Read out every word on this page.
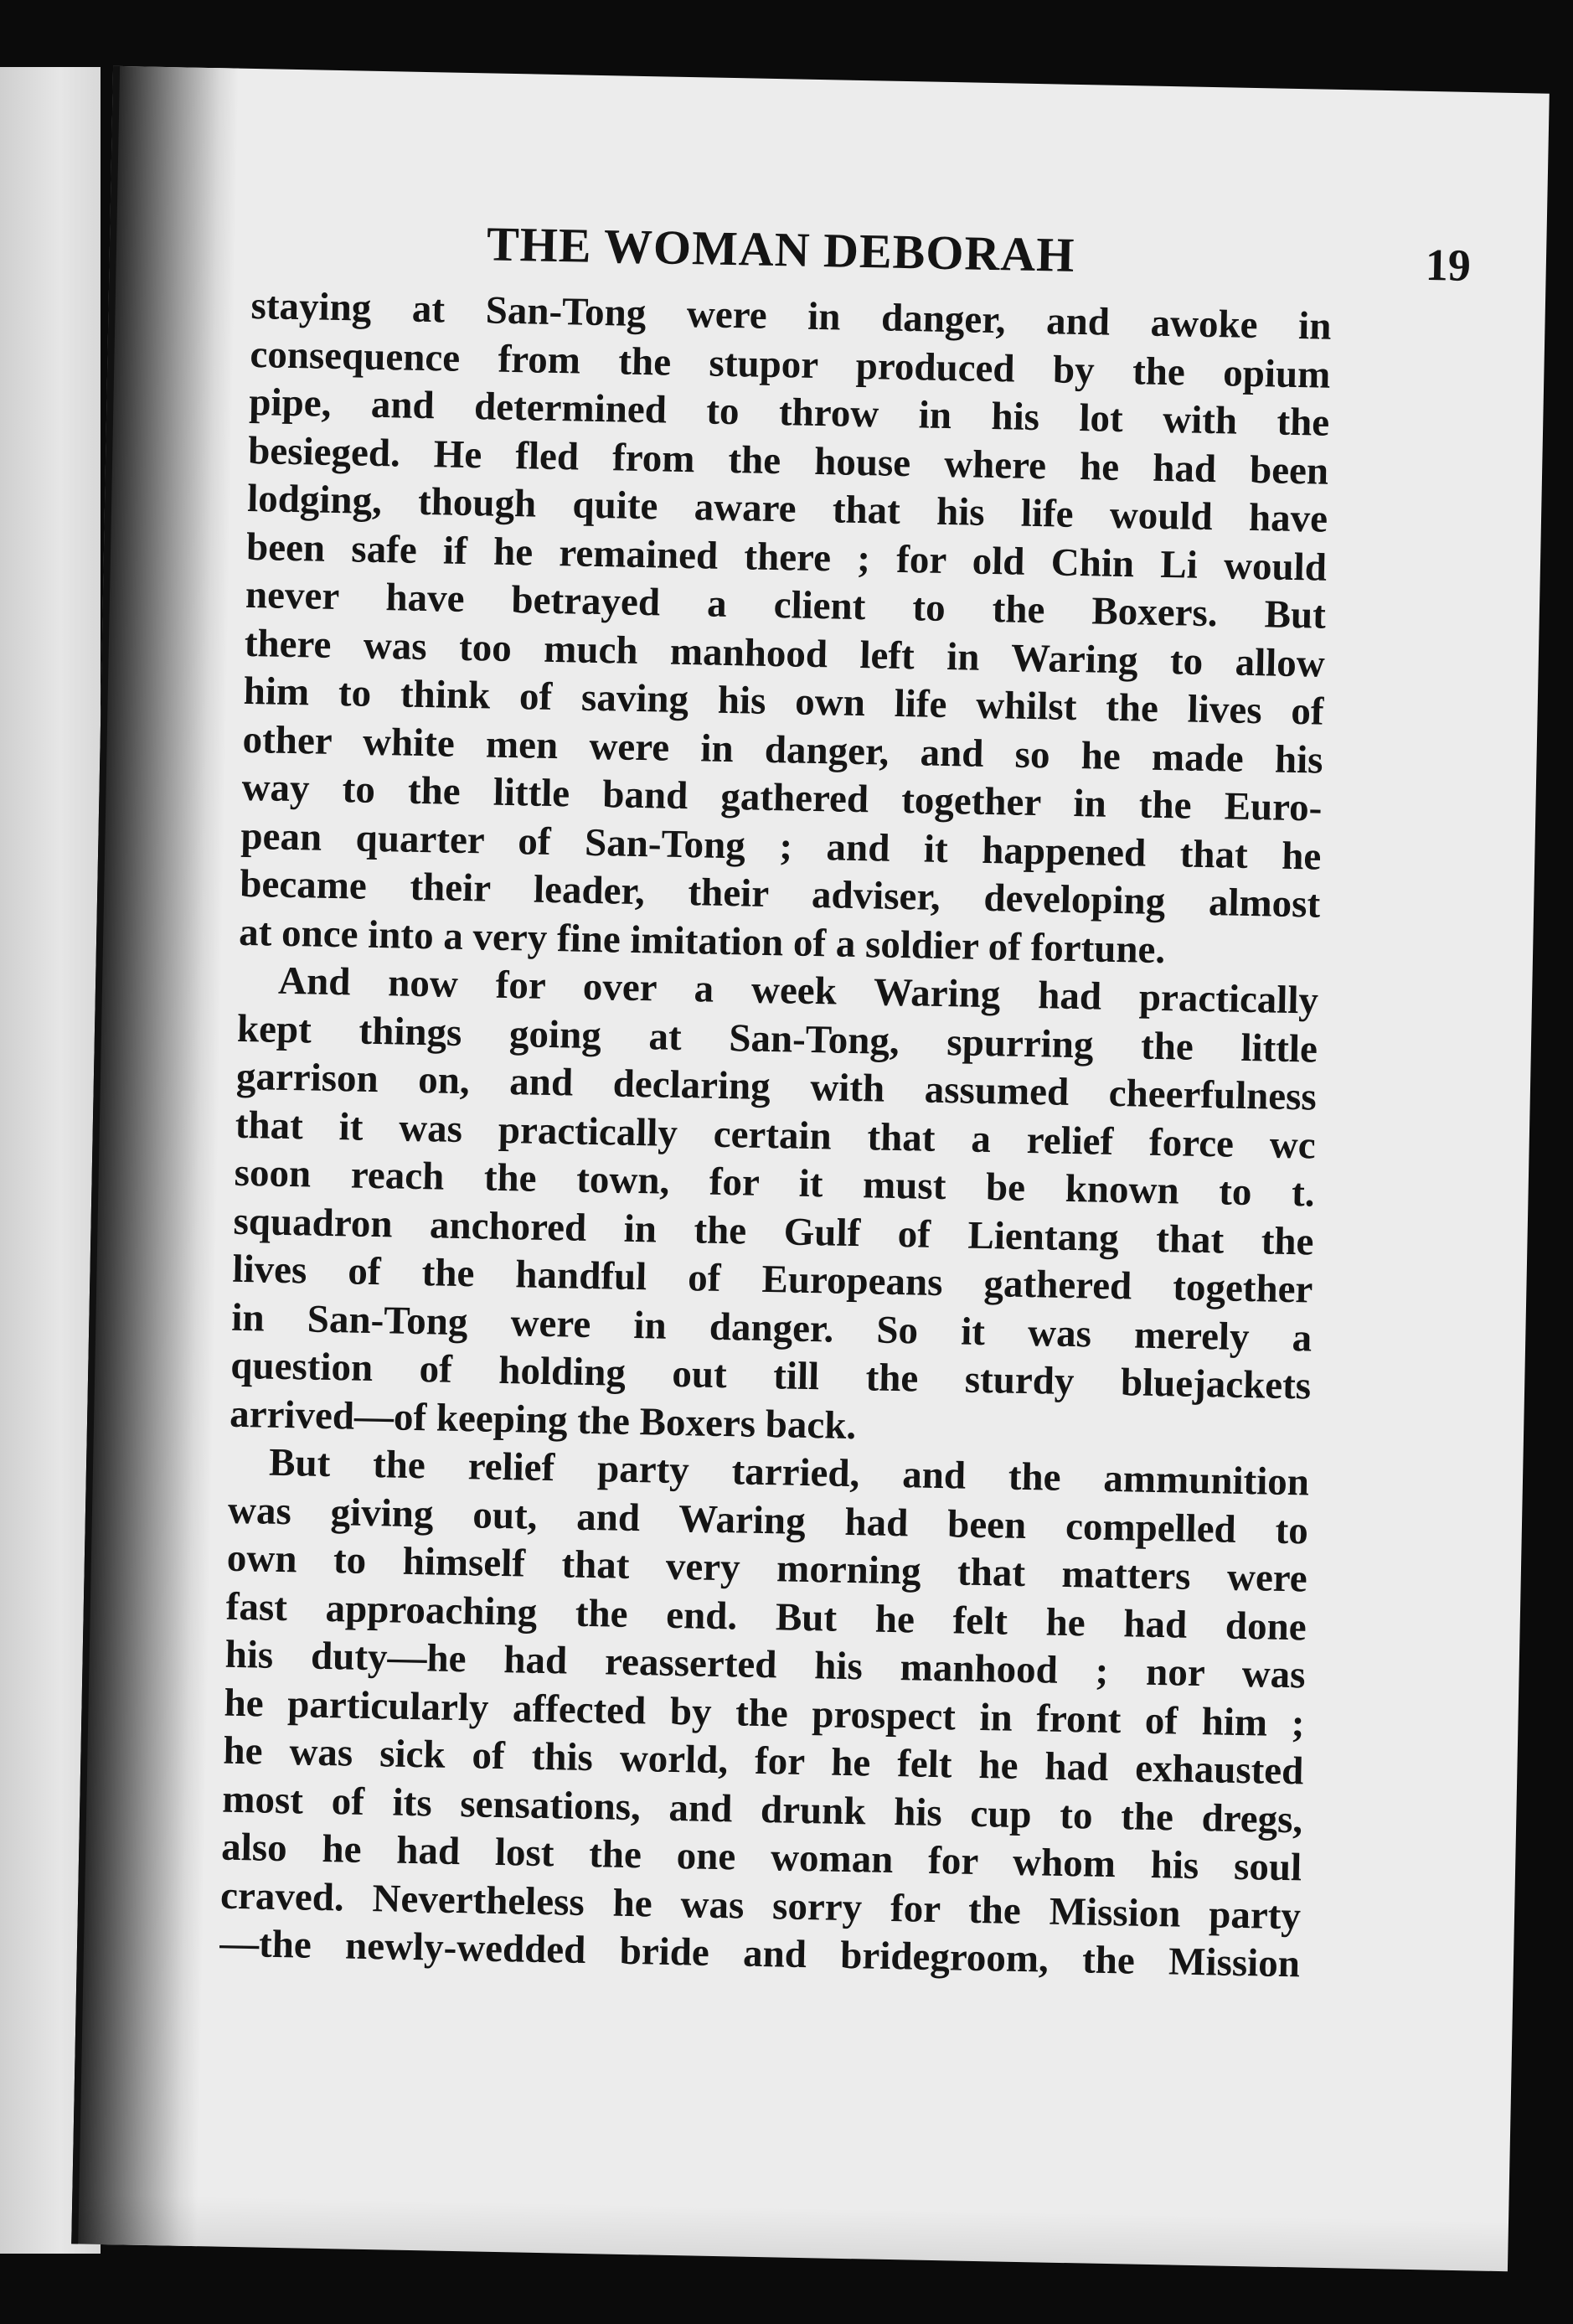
THE WOMAN DEBORAH	19
staying at San-Tong were in danger, and awoke in
consequence from the stupor produced by the opium
pipe, and determined to throw in his lot with the
besieged. He fled from the house where he had been
lodging, though quite aware that his life would have
been safe if he remained there ; for old Chin Li would
never have betrayed a client to the Boxers. But
there was too much manhood left in Waring to allow
him to think of saving his own life whilst the lives of
other white men were in danger, and so he made his
way to the little band gathered together in the Euro-
pean quarter of San-Tong ; and it happened that he
became their leader, their adviser, developing almost
at once into a very fine imitation of a soldier of fortune.
And now for over a week Waring had practically
kept things going at San-Tong, spurring the little
garrison on, and declaring with assumed cheerfulness
that it was practically certain that a relief force wc
soon reach the town, for it must be known to t.
squadron anchored in the Gulf of Lientang that the
lives of the handful of Europeans gathered together
in San-Tong were in danger. So it was merely a
question of holding out till the sturdy bluejackets
arrived—of keeping the Boxers back.
But the relief party tarried, and the ammunition
was giving out, and Waring had been compelled to
own to himself that very morning that matters were
fast approaching the end. But he felt he had done
his duty—he had reasserted his manhood ; nor was
he particularly affected by the prospect in front of him ;
he was sick of this world, for he felt he had exhausted
most of its sensations, and drunk his cup to the dregs,
also he had lost the one woman for whom his soul
craved. Nevertheless he was sorry for the Mission party
—the newly-wedded bride and bridegroom, the Mission
